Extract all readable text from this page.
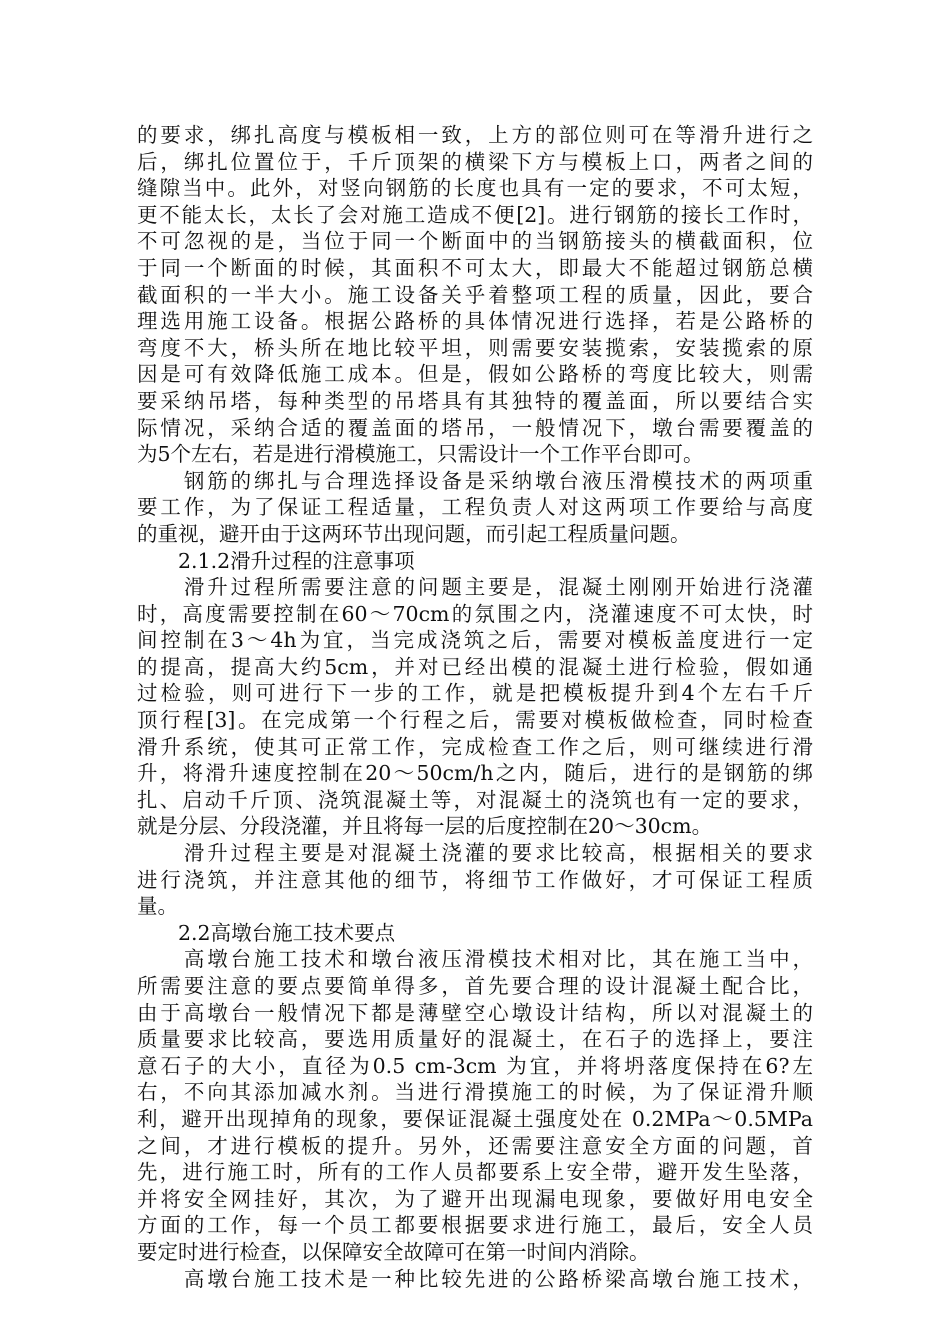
的要求，绑扎高度与模板相一致，上方的部位则可在等滑升进行之
后，绑扎位置位于，千斤顶架的横梁下方与模板上口，两者之间的
缝隙当中。此外，对竖向钢筋的长度也具有一定的要求，不可太短，
更不能太长，太长了会对施工造成不便[2]。进行钢筋的接长工作时，
不可忽视的是，当位于同一个断面中的当钢筋接头的横截面积，位
于同一个断面的时候，其面积不可太大，即最大不能超过钢筋总横
截面积的一半大小。施工设备关乎着整项工程的质量，因此，要合
理选用施工设备。根据公路桥的具体情况进行选择，若是公路桥的
弯度不大，桥头所在地比较平坦，则需要安装揽索，安装揽索的原
因是可有效降低施工成本。但是，假如公路桥的弯度比较大，则需
要采纳吊塔，每种类型的吊塔具有其独特的覆盖面，所以要结合实
际情况，采纳合适的覆盖面的塔吊，一般情况下，墩台需要覆盖的
为5个左右，若是进行滑模施工，只需设计一个工作平台即可。
　　钢筋的绑扎与合理选择设备是采纳墩台液压滑模技术的两项重
要工作，为了保证工程适量，工程负责人对这两项工作要给与高度
的重视，避开由于这两环节出现问题，而引起工程质量问题。
　　2.1.2滑升过程的注意事项
　　滑升过程所需要注意的问题主要是，混凝土刚刚开始进行浇灌
时，高度需要控制在60～70cm的氛围之内，浇灌速度不可太快，时
间控制在3～4h为宜，当完成浇筑之后，需要对模板盖度进行一定
的提高，提高大约5cm，并对已经出模的混凝土进行检验，假如通
过检验，则可进行下一步的工作，就是把模板提升到4个左右千斤
顶行程[3]。在完成第一个行程之后，需要对模板做检查，同时检查
滑升系统，使其可正常工作，完成检查工作之后，则可继续进行滑
升，将滑升速度控制在20～50cm/h之内，随后，进行的是钢筋的绑
扎、启动千斤顶、浇筑混凝土等，对混凝土的浇筑也有一定的要求，
就是分层、分段浇灌，并且将每一层的后度控制在20～30cm。
　　滑升过程主要是对混凝土浇灌的要求比较高，根据相关的要求
进行浇筑，并注意其他的细节，将细节工作做好，才可保证工程质
量。
　　2.2高墩台施工技术要点
　　高墩台施工技术和墩台液压滑模技术相对比，其在施工当中，
所需要注意的要点要简单得多，首先要合理的设计混凝土配合比，
由于高墩台一般情况下都是薄壁空心墩设计结构，所以对混凝土的
质量要求比较高，要选用质量好的混凝土，在石子的选择上，要注
意石子的大小，直径为0.5 cm-3cm 为宜，并将坍落度保持在6?左
右，不向其添加减水剂。当进行滑摸施工的时候，为了保证滑升顺
利，避开出现掉角的现象，要保证混凝土强度处在 0.2MPa～0.5MPa
之间，才进行模板的提升。另外，还需要注意安全方面的问题，首
先，进行施工时，所有的工作人员都要系上安全带，避开发生坠落，
并将安全网挂好，其次，为了避开出现漏电现象，要做好用电安全
方面的工作，每一个员工都要根据要求进行施工，最后，安全人员
要定时进行检查，以保障安全故障可在第一时间内消除。
　　高墩台施工技术是一种比较先进的公路桥梁高墩台施工技术，
